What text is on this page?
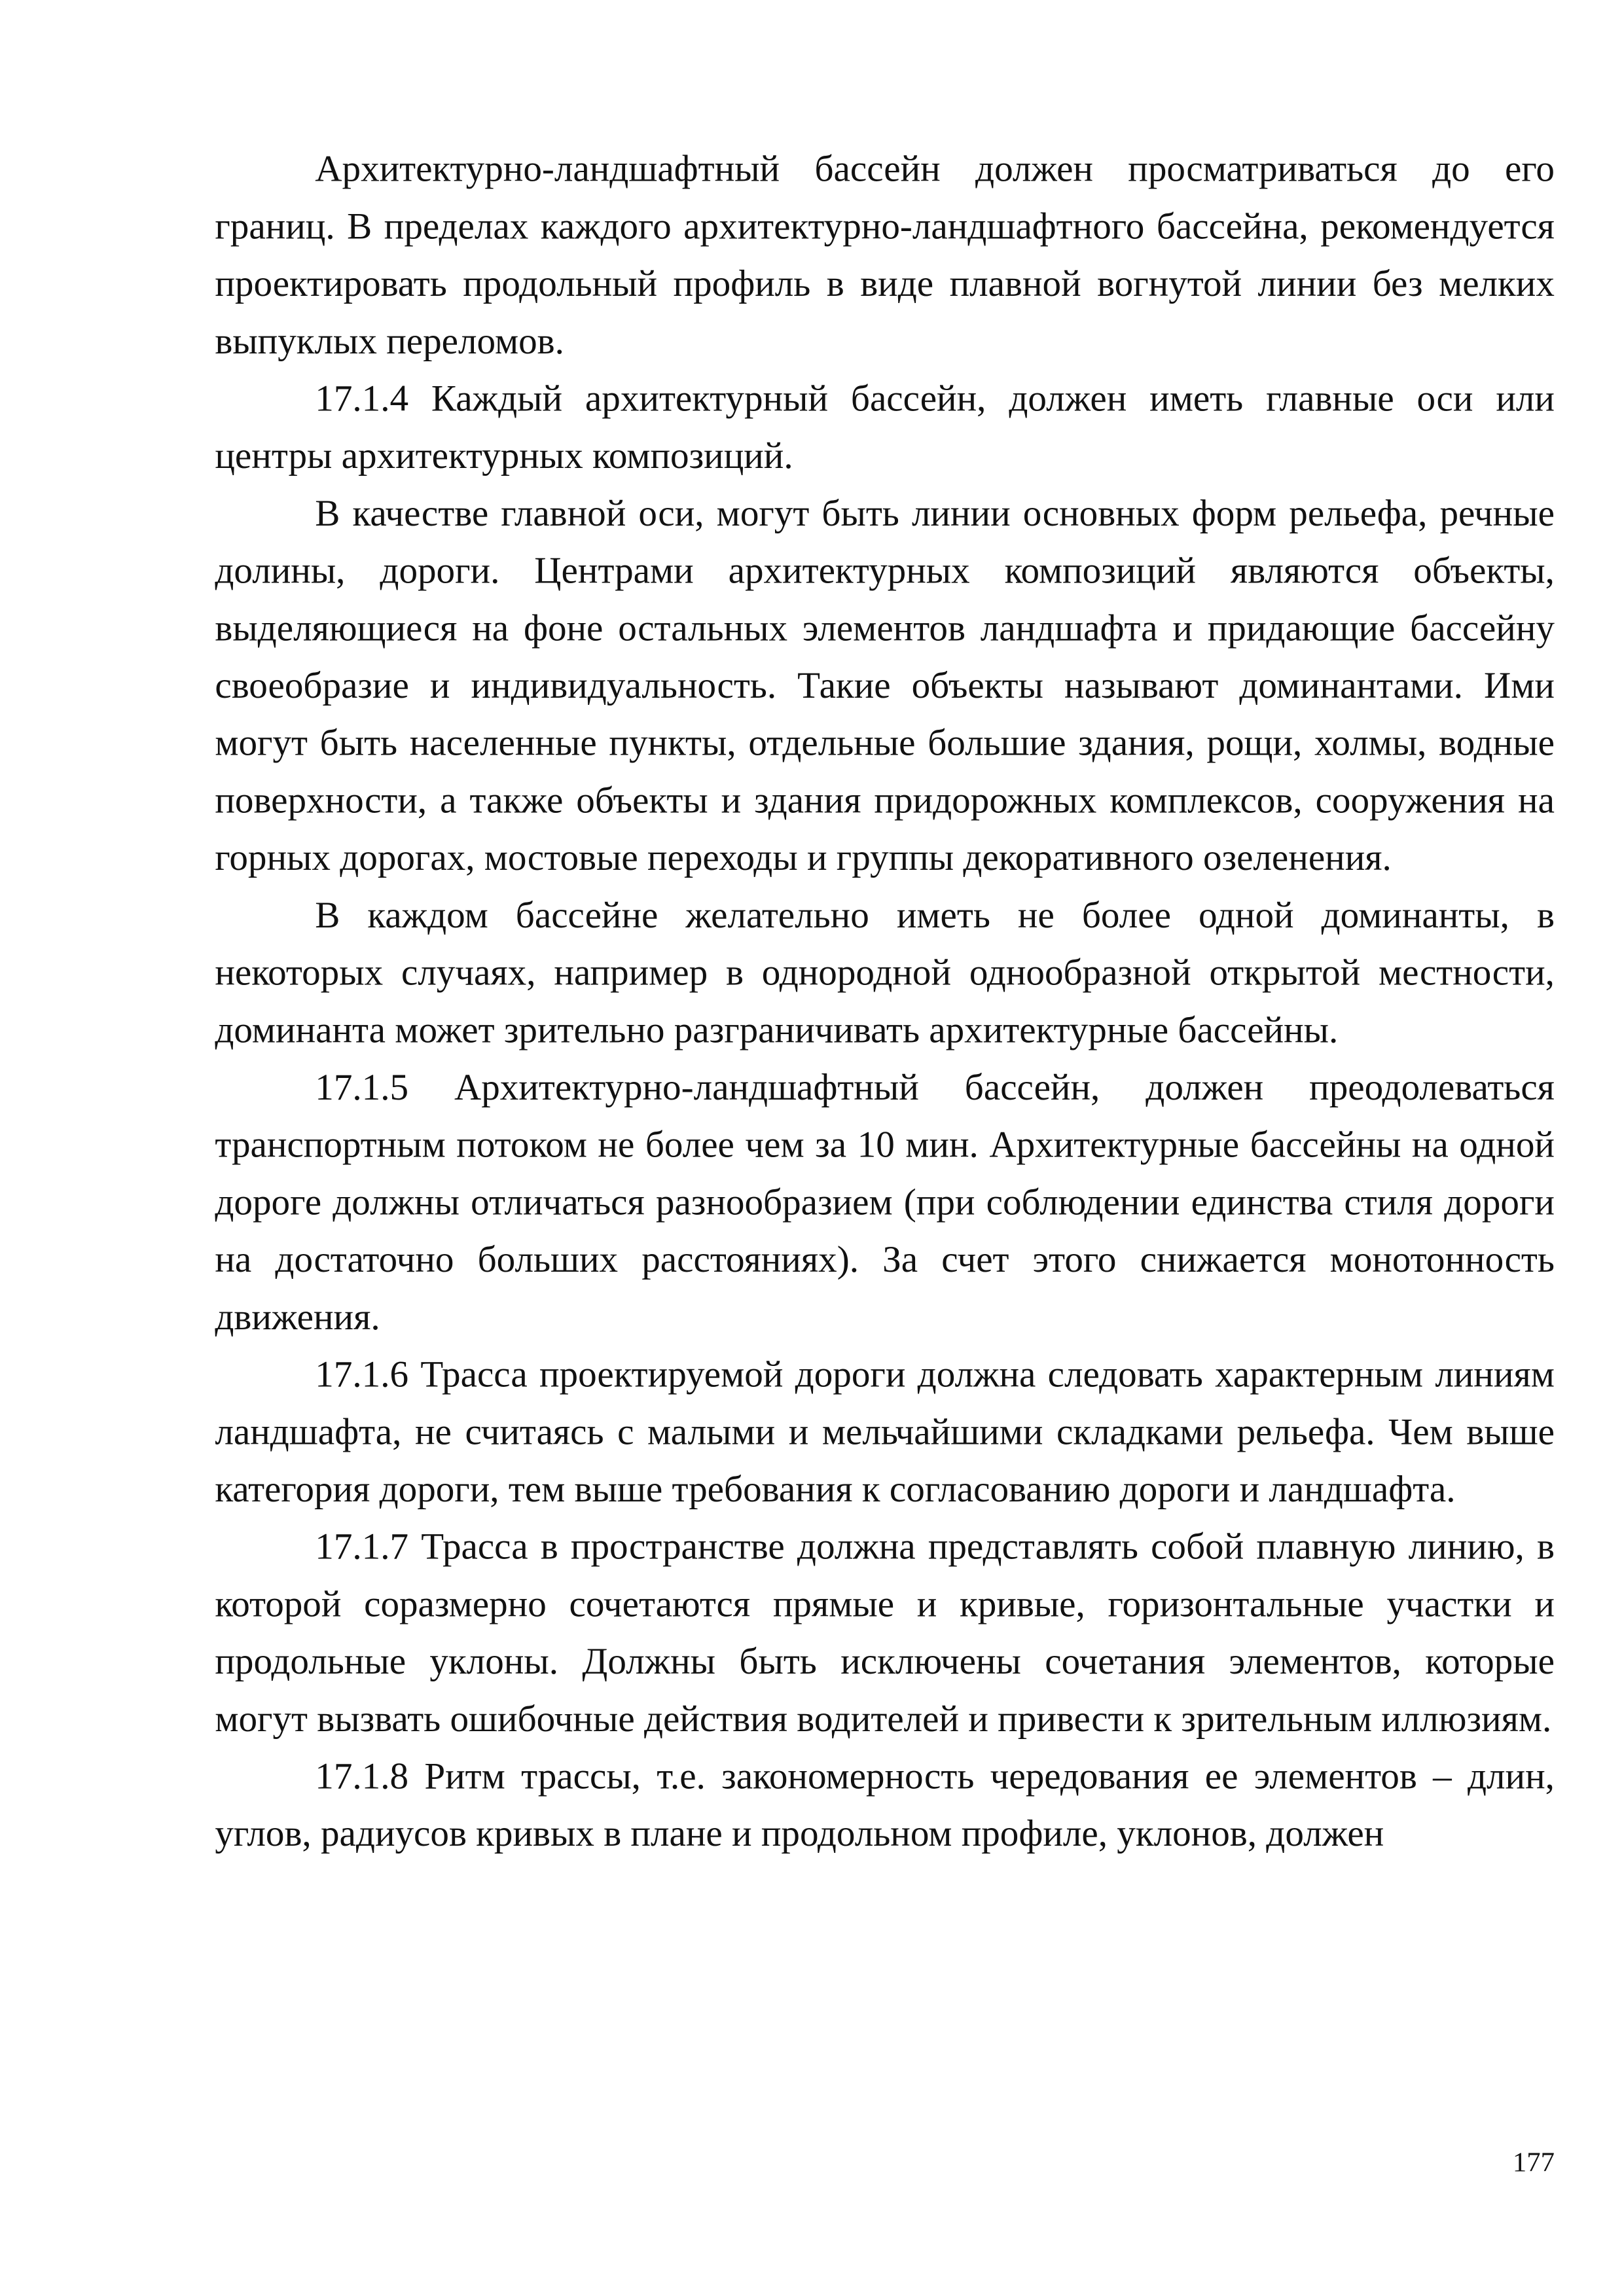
Архитектурно-ландшафтный бассейн должен просматриваться до его границ. В пределах каждого архитектурно-ландшафтного бассейна, рекомендуется проектировать продольный профиль в виде плавной вогнутой линии без мелких выпуклых переломов.

17.1.4 Каждый архитектурный бассейн, должен иметь главные оси или центры архитектурных композиций.

В качестве главной оси, могут быть линии основных форм рельефа, речные долины, дороги. Центрами архитектурных композиций являются объекты, выделяющиеся на фоне остальных элементов ландшафта и придающие бассейну своеобразие и индивидуальность. Такие объекты называют доминантами. Ими могут быть населенные пункты, отдельные большие здания, рощи, холмы, водные поверхности, а также объекты и здания придорожных комплексов, сооружения на горных дорогах, мостовые переходы и группы декоративного озеленения.

В каждом бассейне желательно иметь не более одной доминанты, в некоторых случаях, например в однородной однообразной открытой местности, доминанта может зрительно разграничивать архитектурные бассейны.

17.1.5 Архитектурно-ландшафтный бассейн, должен преодолеваться транспортным потоком не более чем за 10 мин. Архитектурные бассейны на одной дороге должны отличаться разнообразием (при соблюдении единства стиля дороги на достаточно больших расстояниях). За счет этого снижается монотонность движения.

17.1.6 Трасса проектируемой дороги должна следовать характерным линиям ландшафта, не считаясь с малыми и мельчайшими складками рельефа. Чем выше категория дороги, тем выше требования к согласованию дороги и ландшафта.

17.1.7 Трасса в пространстве должна представлять собой плавную линию, в которой соразмерно сочетаются прямые и кривые, горизонтальные участки и продольные уклоны. Должны быть исключены сочетания элементов, которые могут вызвать ошибочные действия водителей и привести к зрительным иллюзиям.

17.1.8 Ритм трассы, т.е. закономерность чередования ее элементов – длин, углов, радиусов кривых в плане и продольном профиле, уклонов, должен

177
